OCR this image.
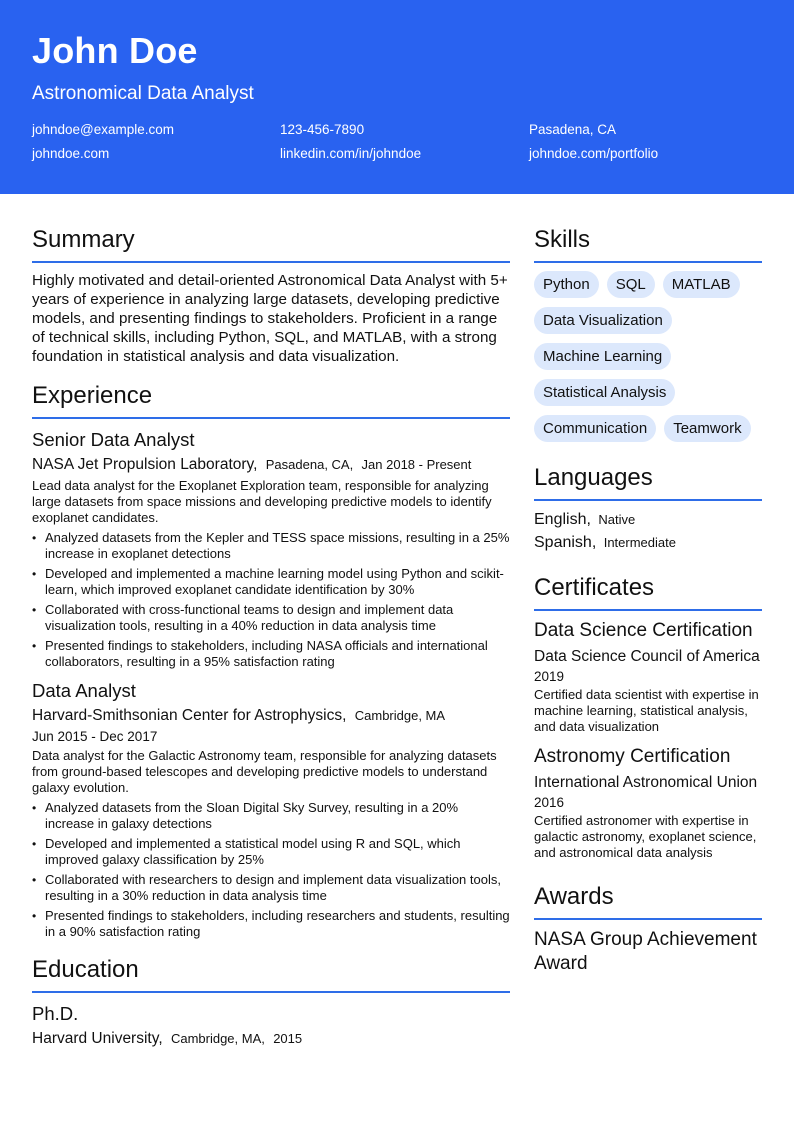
John Doe
Astronomical Data Analyst
johndoe@example.com	123-456-7890	Pasadena, CA
johndoe.com	linkedin.com/in/johndoe	johndoe.com/portfolio
Summary

Highly motivated and detail-oriented Astronomical Data Analyst with 5+ years of experience in analyzing large datasets, developing predictive models, and presenting findings to stakeholders. Proficient in a range of technical skills, including Python, SQL, and MATLAB, with a strong foundation in statistical analysis and data visualization.

Experience
Senior Data Analyst
NASA Jet Propulsion Laboratory, Pasadena, CA, Jan 2018 - Present

Lead data analyst for the Exoplanet Exploration team, responsible for analyzing large datasets from space missions and developing predictive models to identify exoplanet candidates.

• Analyzed datasets from the Kepler and TESS space missions, resulting in a 25% increase in exoplanet detections
• Developed and implemented a machine learning model using Python and scikit-learn, which improved exoplanet candidate identification by 30%
• Collaborated with cross-functional teams to design and implement data visualization tools, resulting in a 40% reduction in data analysis time
• Presented findings to stakeholders, including NASA officials and international collaborators, resulting in a 95% satisfaction rating
Data Analyst
Harvard-Smithsonian Center for Astrophysics, Cambridge, MA
Jun 2015 - Dec 2017

Data analyst for the Galactic Astronomy team, responsible for analyzing datasets from ground-based telescopes and developing predictive models to understand galaxy evolution.

• Analyzed datasets from the Sloan Digital Sky Survey, resulting in a 20% increase in galaxy detections
• Developed and implemented a statistical model using R and SQL, which improved galaxy classification by 25%
• Collaborated with researchers to design and implement data visualization tools, resulting in a 30% reduction in data analysis time
• Presented findings to stakeholders, including researchers and students, resulting in a 90% satisfaction rating
Education
Ph.D.
Harvard University, Cambridge, MA, 2015
Skills
Python	SQL	MATLAB
Data Visualization
Machine Learning
Statistical Analysis
Communication	Teamwork
Languages
English, Native
Spanish, Intermediate
Certificates
Data Science Certification
Data Science Council of America
2019
Certified data scientist with expertise in machine learning, statistical analysis, and data visualization
Astronomy Certification
International Astronomical Union
2016
Certified astronomer with expertise in galactic astronomy, exoplanet science, and astronomical data analysis
Awards
NASA Group Achievement Award
